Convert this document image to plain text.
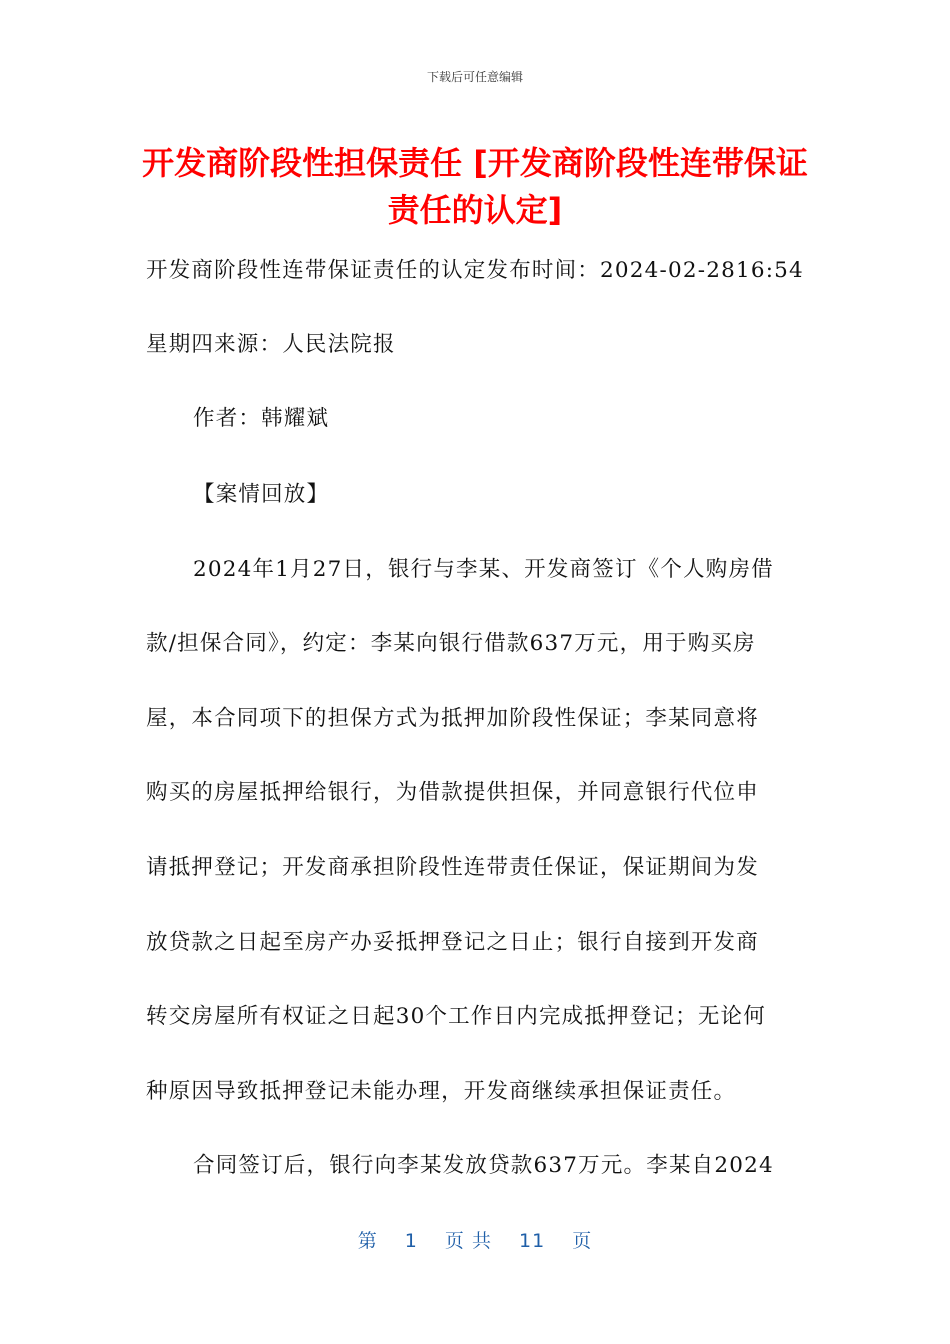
下载后可任意编辑
开发商阶段性担保责任 [开发商阶段性连带保证责任的认定]
开发商阶段性连带保证责任的认定发布时间：2024-02-2816:54
星期四来源：人民法院报
作者：韩耀斌
【案情回放】
2024年1月27日，银行与李某、开发商签订《个人购房借
款/担保合同》，约定：李某向银行借款637万元，用于购买房
屋，本合同项下的担保方式为抵押加阶段性保证；李某同意将
购买的房屋抵押给银行，为借款提供担保，并同意银行代位申
请抵押登记；开发商承担阶段性连带责任保证，保证期间为发
放贷款之日起至房产办妥抵押登记之日止；银行自接到开发商
转交房屋所有权证之日起30个工作日内完成抵押登记；无论何
种原因导致抵押登记未能办理，开发商继续承担保证责任。
合同签订后，银行向李某发放贷款637万元。李某自2024
第 1 页 共 11 页
